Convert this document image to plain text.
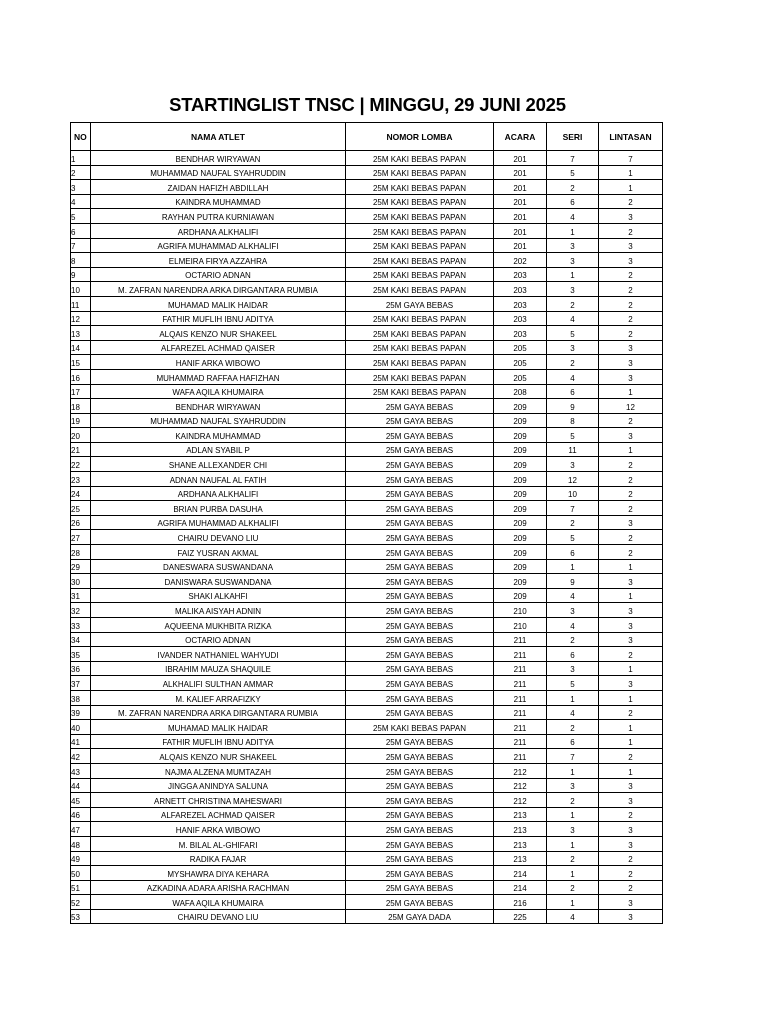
STARTINGLIST TNSC | MINGGU, 29 JUNI 2025
NO	NAMA ATLET	NOMOR LOMBA	ACARA	SERI	LINTASAN
1	BENDHAR WIRYAWAN	25M KAKI BEBAS PAPAN	201	7	7
2	MUHAMMAD NAUFAL SYAHRUDDIN	25M KAKI BEBAS PAPAN	201	5	1
3	ZAIDAN HAFIZH ABDILLAH	25M KAKI BEBAS PAPAN	201	2	1
4	KAINDRA MUHAMMAD	25M KAKI BEBAS PAPAN	201	6	2
5	RAYHAN PUTRA KURNIAWAN	25M KAKI BEBAS PAPAN	201	4	3
6	ARDHANA ALKHALIFI	25M KAKI BEBAS PAPAN	201	1	2
7	AGRIFA MUHAMMAD ALKHALIFI	25M KAKI BEBAS PAPAN	201	3	3
8	ELMEIRA FIRYA AZZAHRA	25M KAKI BEBAS PAPAN	202	3	3
9	OCTARIO ADNAN	25M KAKI BEBAS PAPAN	203	1	2
10	M. ZAFRAN NARENDRA ARKA DIRGANTARA RUMBIA	25M KAKI BEBAS PAPAN	203	3	2
11	MUHAMAD MALIK HAIDAR	25M GAYA BEBAS	203	2	2
12	FATHIR MUFLIH IBNU ADITYA	25M KAKI BEBAS PAPAN	203	4	2
13	ALQAIS KENZO NUR SHAKEEL	25M KAKI BEBAS PAPAN	203	5	2
14	ALFAREZEL ACHMAD QAISER	25M KAKI BEBAS PAPAN	205	3	3
15	HANIF ARKA WIBOWO	25M KAKI BEBAS PAPAN	205	2	3
16	MUHAMMAD RAFFAA HAFIZHAN	25M KAKI BEBAS PAPAN	205	4	3
17	WAFA AQILA KHUMAIRA	25M KAKI BEBAS PAPAN	208	6	1
18	BENDHAR WIRYAWAN	25M GAYA BEBAS	209	9	12
19	MUHAMMAD NAUFAL SYAHRUDDIN	25M GAYA BEBAS	209	8	2
20	KAINDRA MUHAMMAD	25M GAYA BEBAS	209	5	3
21	ADLAN SYABIL P	25M GAYA BEBAS	209	11	1
22	SHANE ALLEXANDER CHI	25M GAYA BEBAS	209	3	2
23	ADNAN NAUFAL AL FATIH	25M GAYA BEBAS	209	12	2
24	ARDHANA ALKHALIFI	25M GAYA BEBAS	209	10	2
25	BRIAN PURBA DASUHA	25M GAYA BEBAS	209	7	2
26	AGRIFA MUHAMMAD ALKHALIFI	25M GAYA BEBAS	209	2	3
27	CHAIRU DEVANO LIU	25M GAYA BEBAS	209	5	2
28	FAIZ YUSRAN AKMAL	25M GAYA BEBAS	209	6	2
29	DANESWARA SUSWANDANA	25M GAYA BEBAS	209	1	1
30	DANISWARA SUSWANDANA	25M GAYA BEBAS	209	9	3
31	SHAKI ALKAHFI	25M GAYA BEBAS	209	4	1
32	MALIKA AISYAH ADNIN	25M GAYA BEBAS	210	3	3
33	AQUEENA MUKHBITA RIZKA	25M GAYA BEBAS	210	4	3
34	OCTARIO ADNAN	25M GAYA BEBAS	211	2	3
35	IVANDER NATHANIEL WAHYUDI	25M GAYA BEBAS	211	6	2
36	IBRAHIM MAUZA SHAQUILE	25M GAYA BEBAS	211	3	1
37	ALKHALIFI SULTHAN AMMAR	25M GAYA BEBAS	211	5	3
38	M. KALIEF ARRAFIZKY	25M GAYA BEBAS	211	1	1
39	M. ZAFRAN NARENDRA ARKA DIRGANTARA RUMBIA	25M GAYA BEBAS	211	4	2
40	MUHAMAD MALIK HAIDAR	25M KAKI BEBAS PAPAN	211	2	1
41	FATHIR MUFLIH IBNU ADITYA	25M GAYA BEBAS	211	6	1
42	ALQAIS KENZO NUR SHAKEEL	25M GAYA BEBAS	211	7	2
43	NAJMA ALZENA MUMTAZAH	25M GAYA BEBAS	212	1	1
44	JINGGA ANINDYA SALUNA	25M GAYA BEBAS	212	3	3
45	ARNETT CHRISTINA MAHESWARI	25M GAYA BEBAS	212	2	3
46	ALFAREZEL ACHMAD QAISER	25M GAYA BEBAS	213	1	2
47	HANIF ARKA WIBOWO	25M GAYA BEBAS	213	3	3
48	M. BILAL AL-GHIFARI	25M GAYA BEBAS	213	1	3
49	RADIKA FAJAR	25M GAYA BEBAS	213	2	2
50	MYSHAWRA DIYA KEHARA	25M GAYA BEBAS	214	1	2
51	AZKADINA ADARA ARISHA RACHMAN	25M GAYA BEBAS	214	2	2
52	WAFA AQILA KHUMAIRA	25M GAYA BEBAS	216	1	3
53	CHAIRU DEVANO LIU	25M GAYA DADA	225	4	3
